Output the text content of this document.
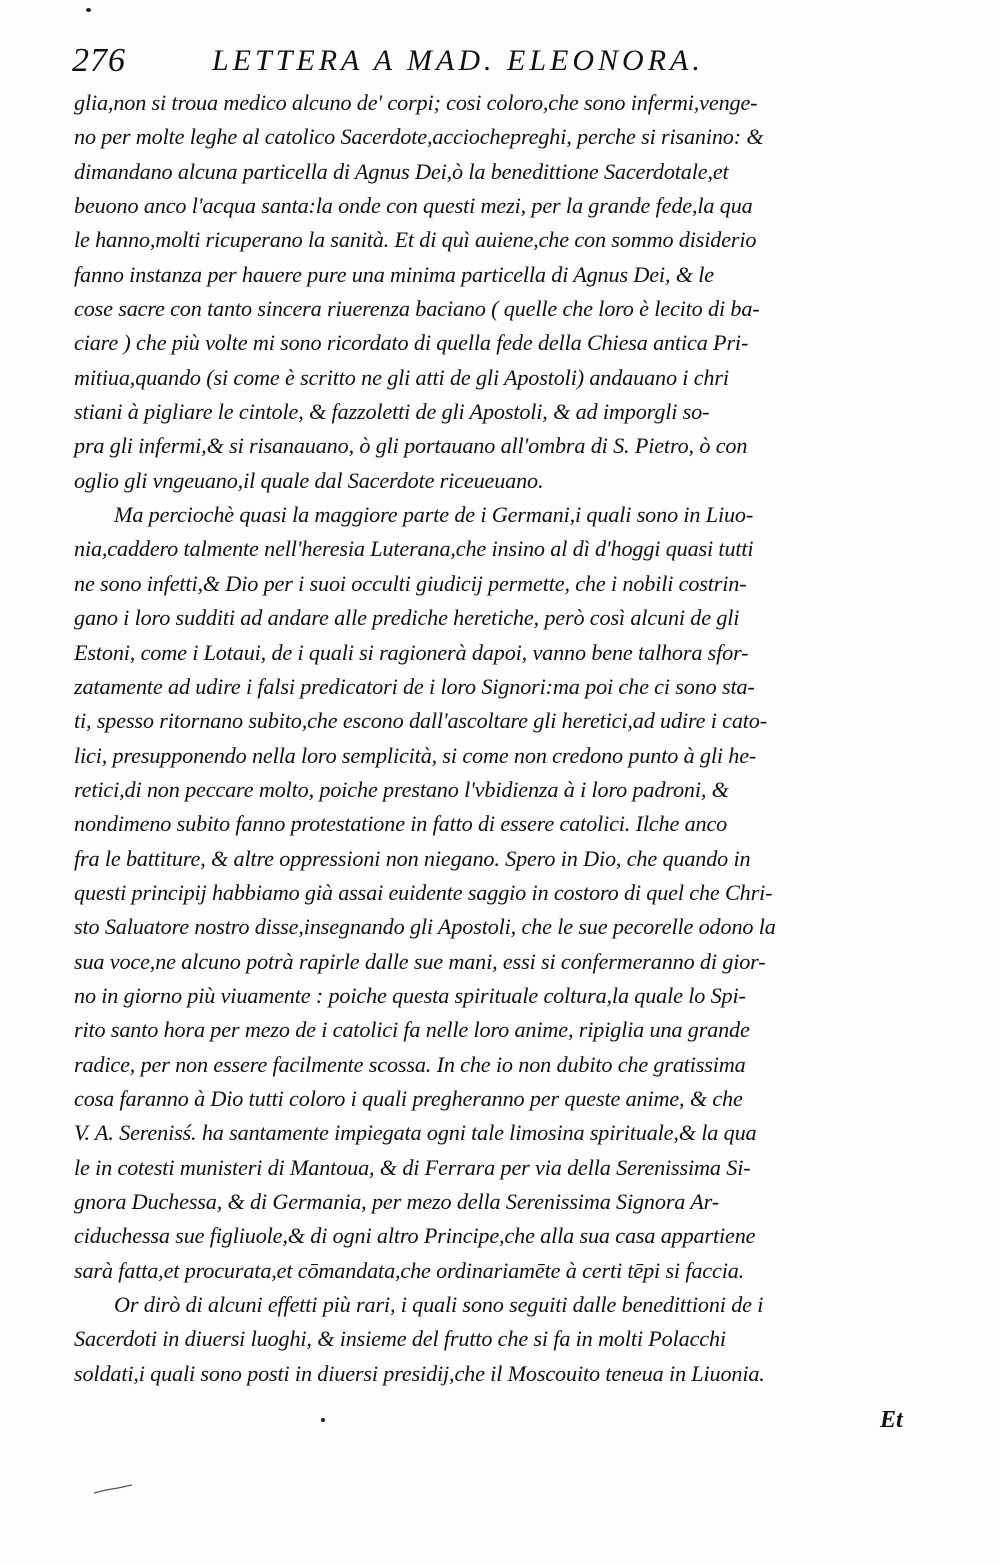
276	LETTERA A MAD. ELEONORA.
glia,non si troua medico alcuno de' corpi; cosi coloro,che sono infermi,venge-
no per molte leghe al catolico Sacerdote,acciochepreghi, perche si risanino: &
dimandano alcuna particella di Agnus Dei,ò la benedittione Sacerdotale,et
beuono anco l'acqua santa:la onde con questi mezi, per la grande fede,la qua
le hanno,molti ricuperano la sanità. Et di quì auiene,che con sommo disiderio
fanno instanza per hauere pure una minima particella di Agnus Dei, & le
cose sacre con tanto sincera riuerenza baciano ( quelle che loro è lecito di ba-
ciare ) che più volte mi sono ricordato di quella fede della Chiesa antica Pri-
mitiua,quando (si come è scritto ne gli atti de gli Apostoli) andauano i chri
stiani à pigliare le cintole, & fazzoletti de gli Apostoli, & ad imporgli so-
pra gli infermi,& si risanauano, ò gli portauano all'ombra di S. Pietro, ò con
oglio gli vngeuano,il quale dal Sacerdote riceueuano.
Ma perciochè quasi la maggiore parte de i Germani,i quali sono in Liuo-
nia,caddero talmente nell'heresia Luterana,che insino al dì d'hoggi quasi tutti
ne sono infetti,& Dio per i suoi occulti giudicij permette, che i nobili costrin-
gano i loro sudditi ad andare alle prediche heretiche, però così alcuni de gli
Estoni, come i Lotaui, de i quali si ragionerà dapoi, vanno bene talhora sfor-
zatamente ad udire i falsi predicatori de i loro Signori:ma poi che ci sono sta-
ti, spesso ritornano subito,che escono dall'ascoltare gli heretici,ad udire i cato-
lici, presupponendo nella loro semplicità, si come non credono punto à gli he-
retici,di non peccare molto, poiche prestano l'vbidienza à i loro padroni, &
nondimeno subito fanno protestatione in fatto di essere catolici. Ilche anco
fra le battiture, & altre oppressioni non niegano. Spero in Dio, che quando in
questi principij habbiamo già assai euidente saggio in costoro di quel che Chri-
sto Saluatore nostro disse,insegnando gli Apostoli, che le sue pecorelle odono la
sua voce,ne alcuno potrà rapirle dalle sue mani, essi si confermeranno di gior-
no in giorno più viuamente : poiche questa spirituale coltura,la quale lo Spi-
rito santo hora per mezo de i catolici fa nelle loro anime, ripiglia una grande
radice, per non essere facilmente scossa. In che io non dubito che gratissima
cosa faranno à Dio tutti coloro i quali pregheranno per queste anime, & che
V. A. Serenisś. ha santamente impiegata ogni tale limosina spirituale,& la qua
le in cotesti munisteri di Mantoua, & di Ferrara per via della Serenissima Si-
gnora Duchessa, & di Germania, per mezo della Serenissima Signora Ar-
ciduchessa sue figliuole,& di ogni altro Principe,che alla sua casa appartiene
sarà fatta,et procurata,et cōmandata,che ordinariamēte à certi tēpi si faccia.
Or dirò di alcuni effetti più rari, i quali sono seguiti dalle benedittioni de i
Sacerdoti in diuersi luoghi, & insieme del frutto che si fa in molti Polacchi
soldati,i quali sono posti in diuersi presidij,che il Moscouito teneua in Liuonia.
Et
